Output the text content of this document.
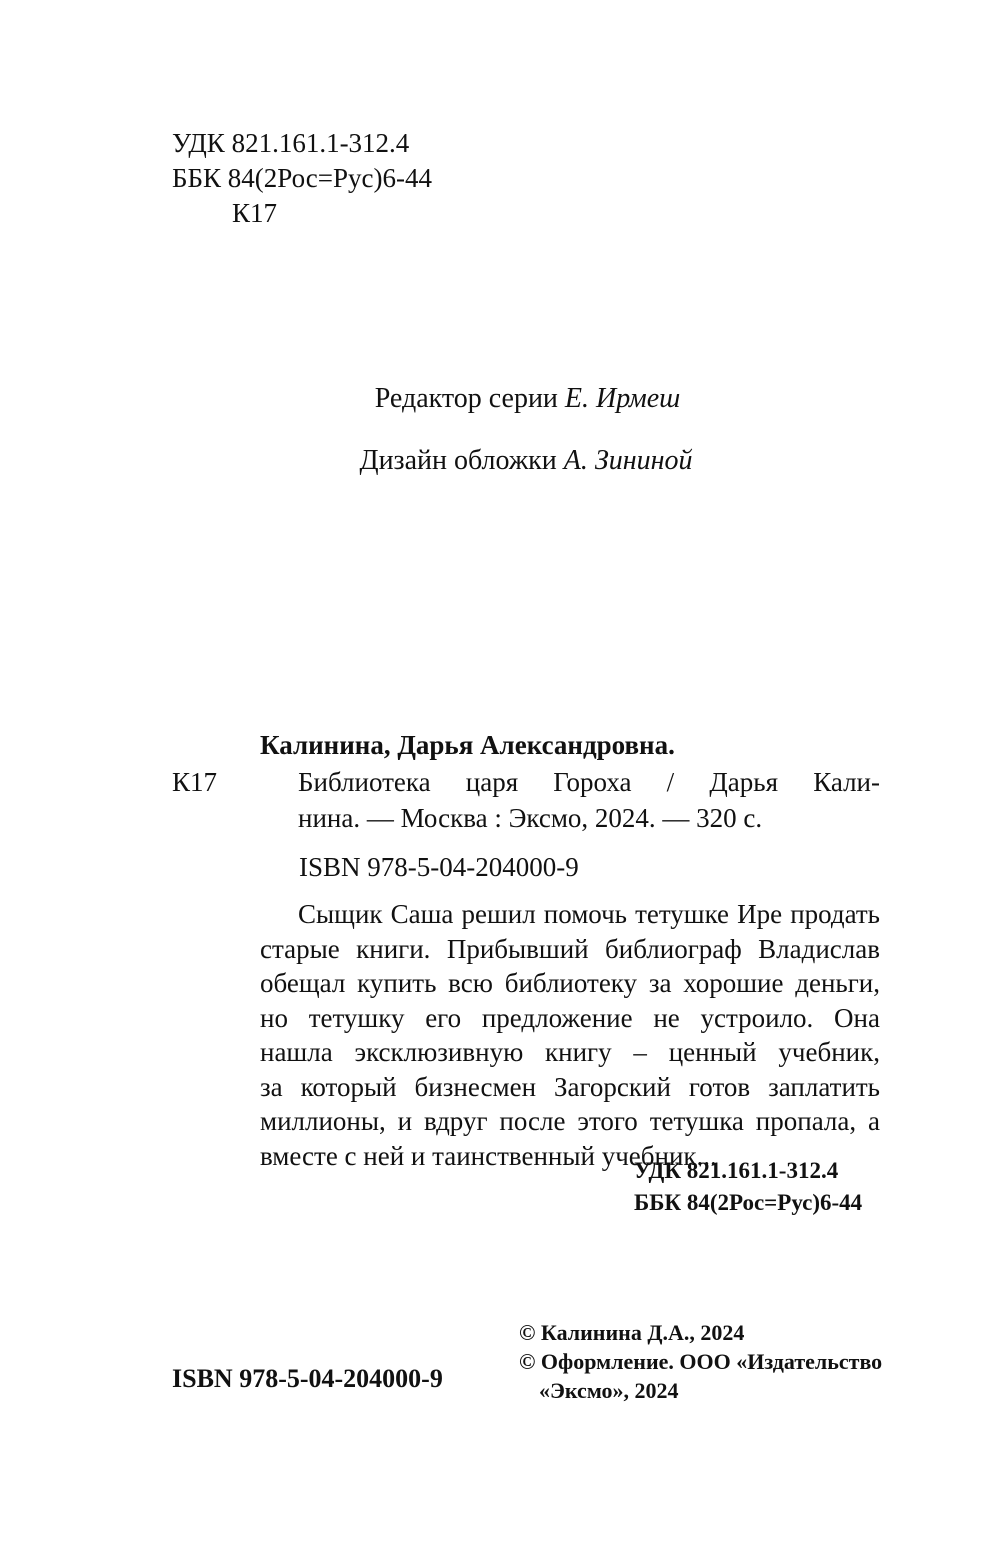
УДК 821.161.1-312.4
ББК 84(2Рос=Рус)6-44
К17
Редактор серии Е. Ирмеш
Дизайн обложки А. Зининой
Калинина, Дарья Александровна.
К17	Библиотека царя Гороха / Дарья Кали-
нина. — Москва : Эксмо, 2024. — 320 с.
ISBN 978-5-04-204000-9
Сыщик Саша решил помочь тетушке Ире продать
старые книги. Прибывший библиограф Владислав
обещал купить всю библиотеку за хорошие деньги,
но тетушку его предложение не устроило. Она
нашла эксклюзивную книгу – ценный учебник,
за который бизнесмен Загорский готов заплатить
миллионы, и вдруг после этого тетушка пропала, а
вместе с ней и таинственный учебник...
УДК 821.161.1-312.4
ББК 84(2Рос=Рус)6-44
ISBN 978-5-04-204000-9
© Калинина Д.А., 2024
© Оформление. ООО «Издательство
«Эксмо», 2024
